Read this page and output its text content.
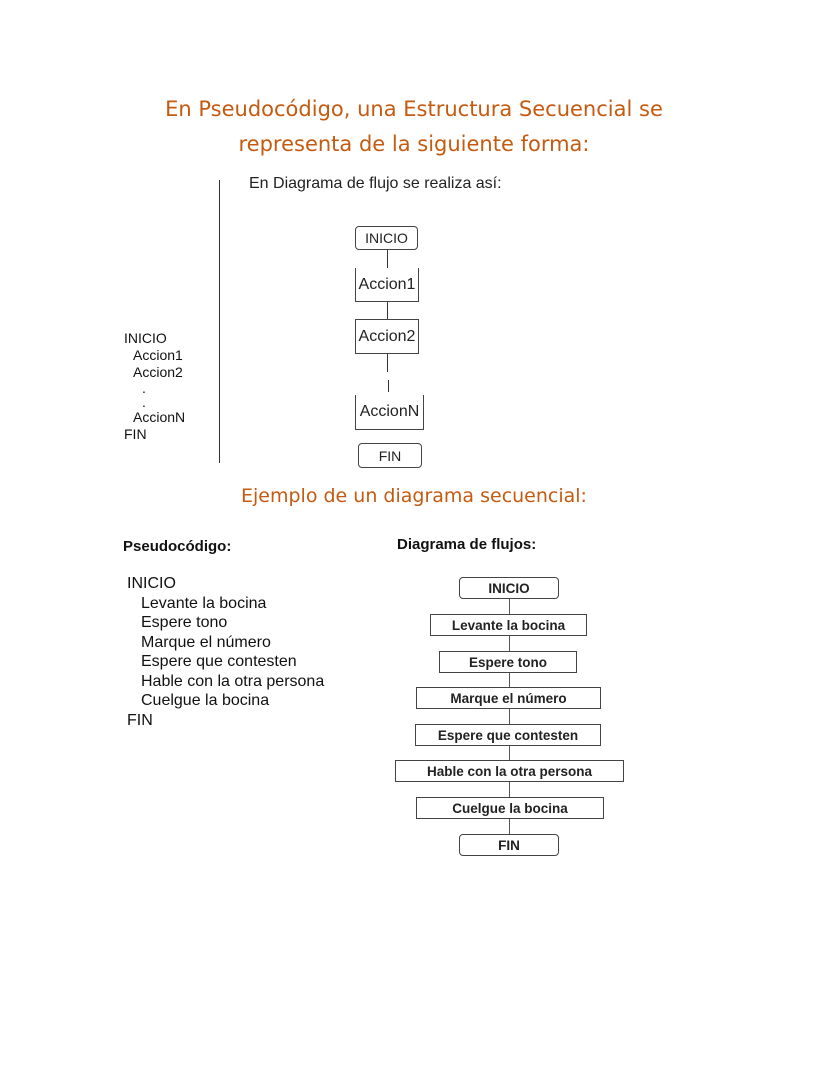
En Pseudocódigo, una Estructura Secuencial se
representa de la siguiente forma:
En Diagrama de flujo se realiza así:
INICIO
Accion1
Accion2
.
.
AccionN
FIN
INICIO
Accion1
Accion2
AccionN
FIN
Ejemplo de un diagrama secuencial:
Pseudocódigo:	Diagrama de flujos:
INICIO
Levante la bocina
Espere tono
Marque el número
Espere que contesten
Hable con la otra persona
Cuelgue la bocina
FIN
INICIO
Levante la bocina
Espere tono
Marque el número
Espere que contesten
Hable con la otra persona
Cuelgue la bocina
FIN
